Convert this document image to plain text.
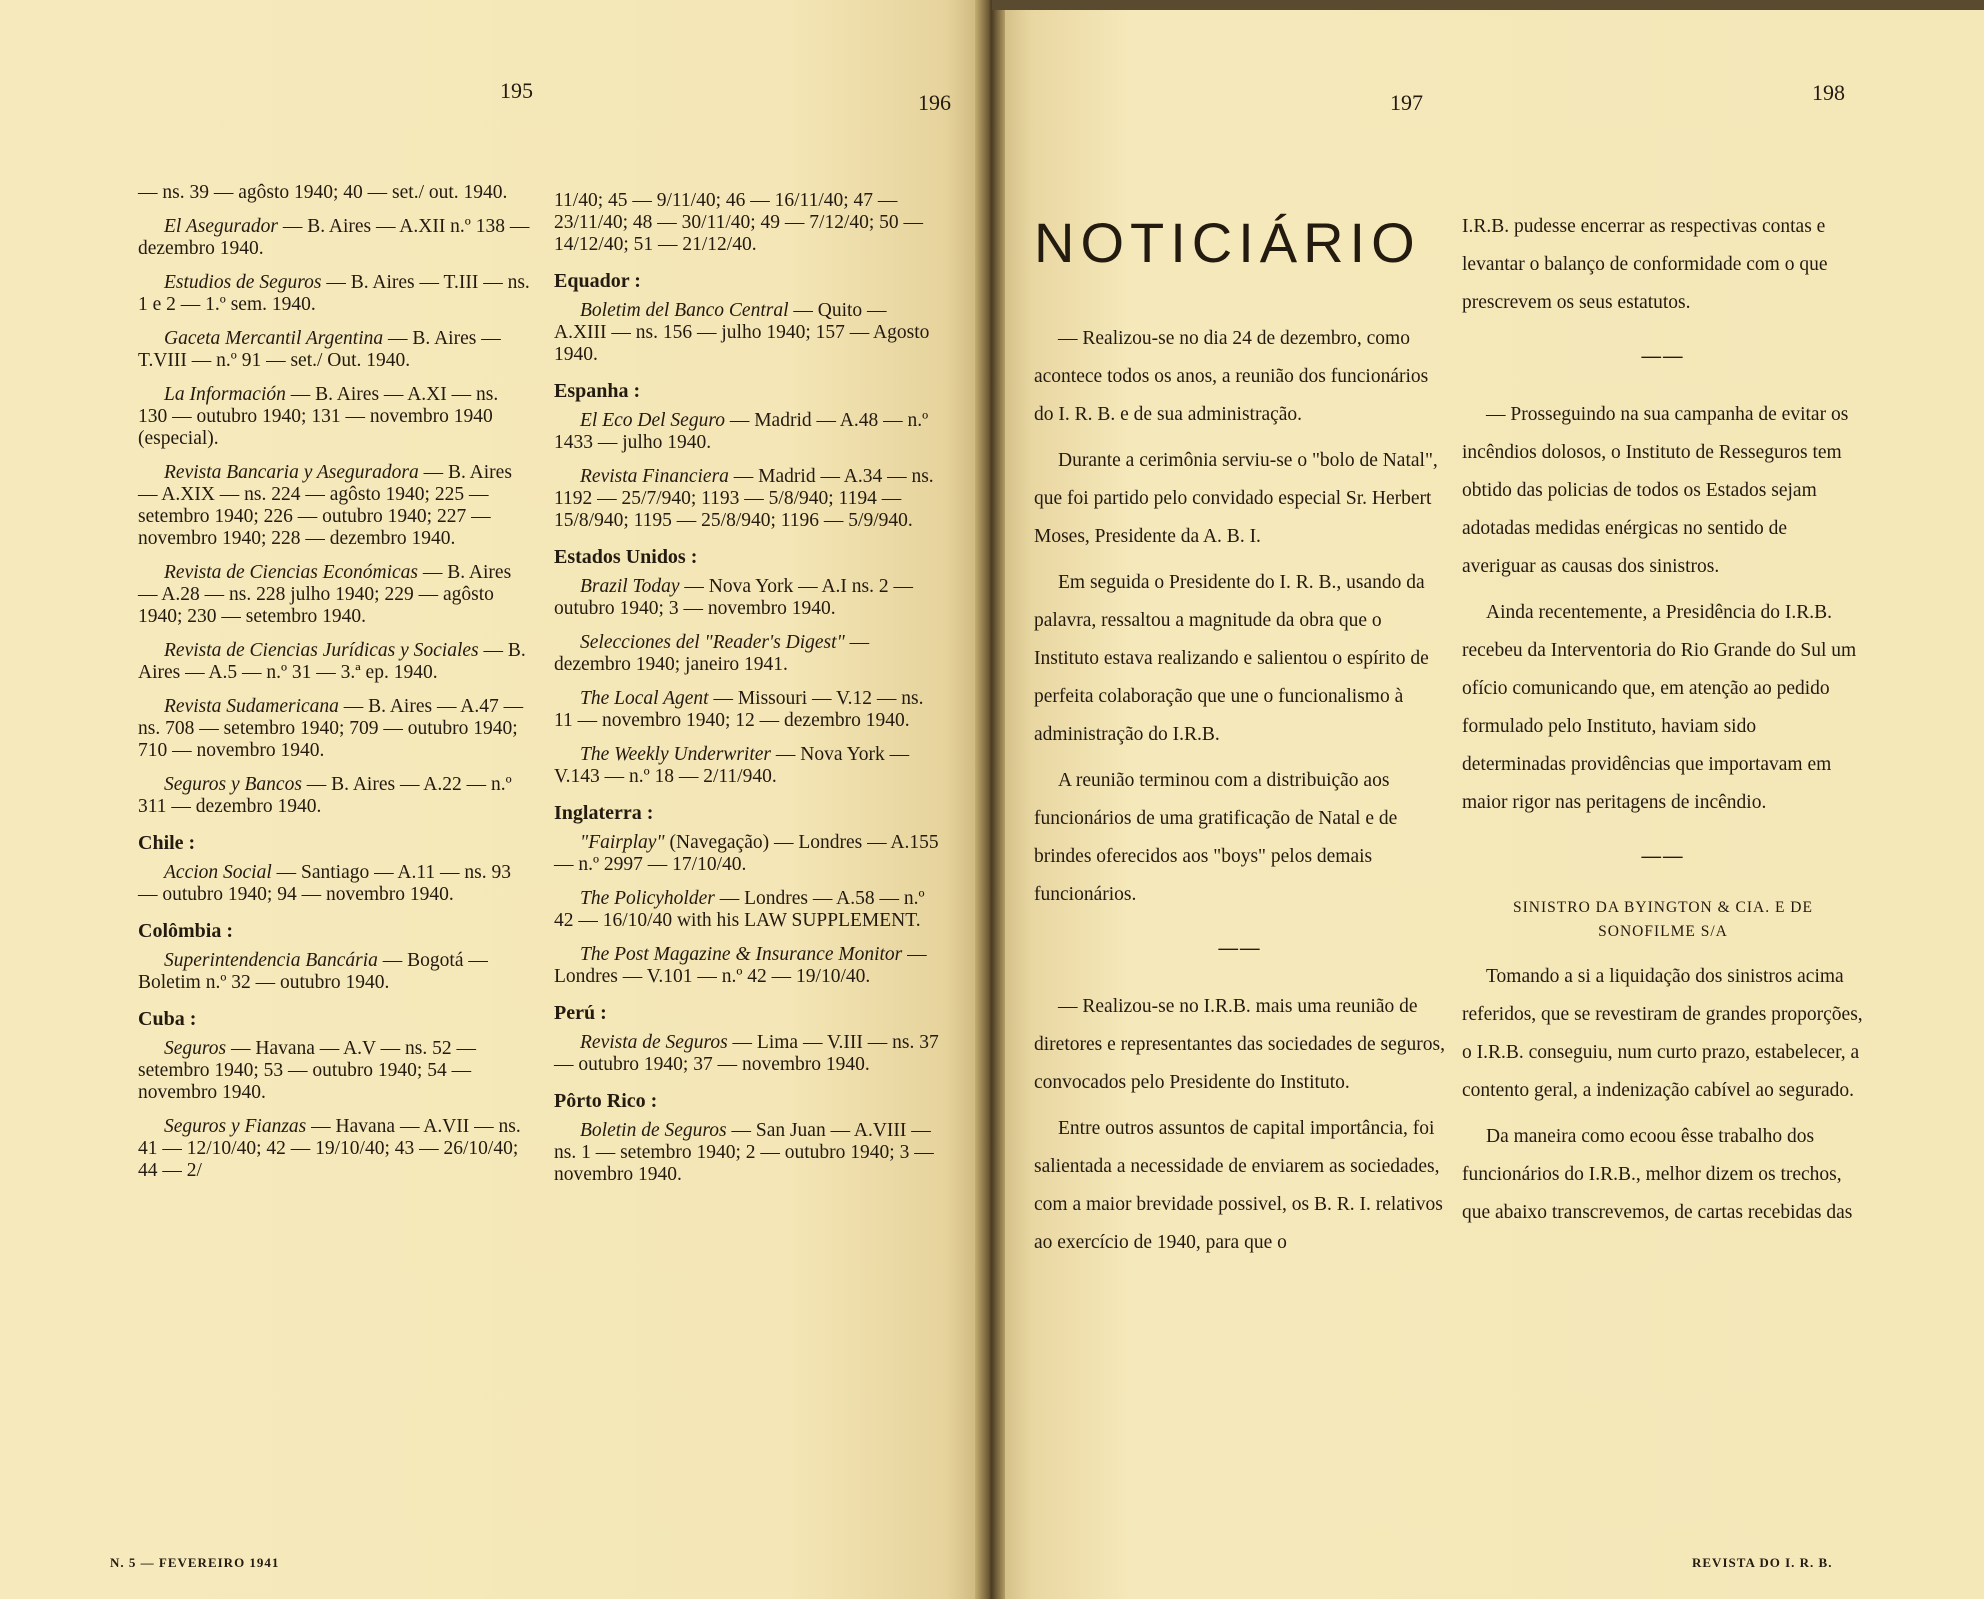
195	196

— ns. 39 — agôsto 1940; 40 — set./ out. 1940.

El Asegurador — B. Aires — A.XII n.º 138 — dezembro 1940.

Estudios de Seguros — B. Aires — T.III — ns. 1 e 2 — 1.º sem. 1940.

Gaceta Mercantil Argentina — B. Aires — T.VIII — n.º 91 — set./ Out. 1940.

La Información — B. Aires — A.XI — ns. 130 — outubro 1940; 131 — novembro 1940 (especial).

Revista Bancaria y Aseguradora — B. Aires — A.XIX — ns. 224 — agôsto 1940; 225 — setembro 1940; 226 — outubro 1940; 227 — novembro 1940; 228 — dezembro 1940.

Revista de Ciencias Económicas — B. Aires — A.28 — ns. 228 julho 1940; 229 — agôsto 1940; 230 — setembro 1940.

Revista de Ciencias Jurídicas y Sociales — B. Aires — A.5 — n.º 31 — 3.ª ep. 1940.

Revista Sudamericana — B. Aires — A.47 — ns. 708 — setembro 1940; 709 — outubro 1940; 710 — novembro 1940.

Seguros y Bancos — B. Aires — A.22 — n.º 311 — dezembro 1940.

Chile :

Accion Social — Santiago — A.11 — ns. 93 — outubro 1940; 94 — novembro 1940.

Colômbia :

Superintendencia Bancária — Bogotá — Boletim n.º 32 — outubro 1940.

Cuba :

Seguros — Havana — A.V — ns. 52 — setembro 1940; 53 — outubro 1940; 54 — novembro 1940.

Seguros y Fianzas — Havana — A.VII — ns. 41 — 12/10/40; 42 — 19/10/40; 43 — 26/10/40; 44 — 2/

11/40; 45 — 9/11/40; 46 — 16/11/40; 47 — 23/11/40; 48 — 30/11/40; 49 — 7/12/40; 50 — 14/12/40; 51 — 21/12/40.

Equador :

Boletim del Banco Central — Quito — A.XIII — ns. 156 — julho 1940; 157 — Agosto 1940.

Espanha :

El Eco Del Seguro — Madrid — A.48 — n.º 1433 — julho 1940.

Revista Financiera — Madrid — A.34 — ns. 1192 — 25/7/940; 1193 — 5/8/940; 1194 — 15/8/940; 1195 — 25/8/940; 1196 — 5/9/940.

Estados Unidos :

Brazil Today — Nova York — A.I ns. 2 — outubro 1940; 3 — novembro 1940.

Selecciones del "Reader's Digest" — dezembro 1940; janeiro 1941.

The Local Agent — Missouri — V.12 — ns. 11 — novembro 1940; 12 — dezembro 1940.

The Weekly Underwriter — Nova York — V.143 — n.º 18 — 2/11/940.

Inglaterra :

"Fairplay" (Navegação) — Londres — A.155 — n.º 2997 — 17/10/40.

The Policyholder — Londres — A.58 — n.º 42 — 16/10/40 with his LAW SUPPLEMENT.

The Post Magazine & Insurance Monitor — Londres — V.101 — n.º 42 — 19/10/40.

Perú :

Revista de Seguros — Lima — V.III — ns. 37 — outubro 1940; 37 — novembro 1940.

Pôrto Rico :

Boletin de Seguros — San Juan — A.VIII — ns. 1 — setembro 1940; 2 — outubro 1940; 3 — novembro 1940.

N. 5 — FEVEREIRO 1941
197	198
NOTICIÁRIO

— Realizou-se no dia 24 de dezembro, como acontece todos os anos, a reunião dos funcionários do I. R. B. e de sua administração.

Durante a cerimônia serviu-se o "bolo de Natal", que foi partido pelo convidado especial Sr. Herbert Moses, Presidente da A. B. I.

Em seguida o Presidente do I. R. B., usando da palavra, ressaltou a magnitude da obra que o Instituto estava realizando e salientou o espírito de perfeita colaboração que une o funcionalismo à administração do I.R.B.

A reunião terminou com a distribuição aos funcionários de uma gratificação de Natal e de brindes oferecidos aos "boys" pelos demais funcionários.

——

— Realizou-se no I.R.B. mais uma reunião de diretores e representantes das sociedades de seguros, convocados pelo Presidente do Instituto.

Entre outros assuntos de capital importância, foi salientada a necessidade de enviarem as sociedades, com a maior brevidade possivel, os B. R. I. relativos ao exercício de 1940, para que o

I.R.B. pudesse encerrar as respectivas contas e levantar o balanço de conformidade com o que prescrevem os seus estatutos.

——

— Prosseguindo na sua campanha de evitar os incêndios dolosos, o Instituto de Resseguros tem obtido das policias de todos os Estados sejam adotadas medidas enérgicas no sentido de averiguar as causas dos sinistros.

Ainda recentemente, a Presidência do I.R.B. recebeu da Interventoria do Rio Grande do Sul um ofício comunicando que, em atenção ao pedido formulado pelo Instituto, haviam sido determinadas providências que importavam em maior rigor nas peritagens de incêndio.

——
SINISTRO DA BYINGTON & CIA. E DE SONOFILME S/A

Tomando a si a liquidação dos sinistros acima referidos, que se revestiram de grandes proporções, o I.R.B. conseguiu, num curto prazo, estabelecer, a contento geral, a indenização cabível ao segurado.

Da maneira como ecoou êsse trabalho dos funcionários do I.R.B., melhor dizem os trechos, que abaixo transcrevemos, de cartas recebidas das

REVISTA DO I. R. B.
